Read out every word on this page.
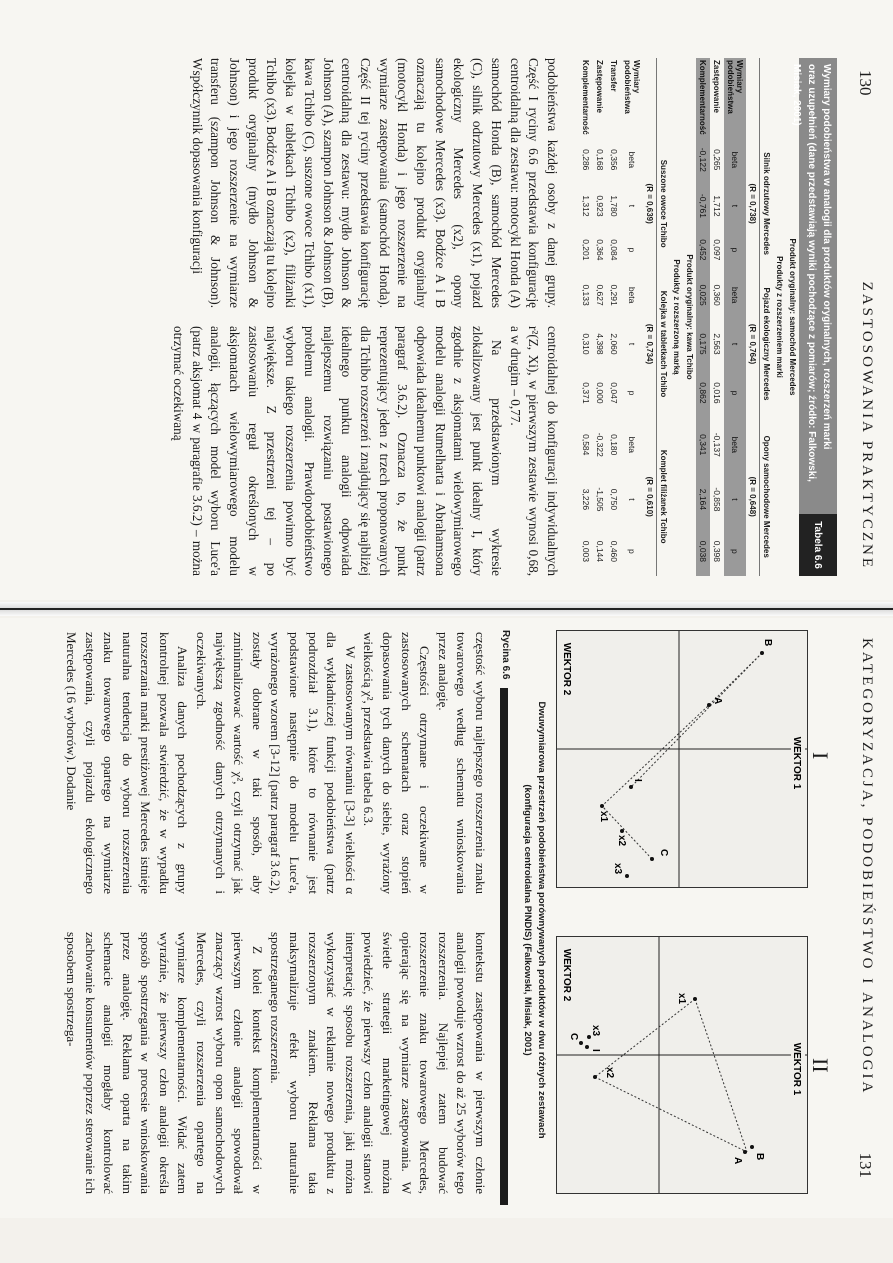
130
ZASTOSOWANIA PRAKTYCZNE
Wymiary podobieństwa w analogii dla produktów oryginalnych, rozszerzeń marki
oraz uzupełnień (dane przedstawiają wyniki pochodzące z pomiarów; źródło: Falkowski, Misiak, 2001)
Tabela 6.6
Produkt oryginalny: samochód Mercedes									
Produkty z rozszerzeniem marki									
	Silnik odrzutowy Mercedes			Pojazd ekologiczny Mercedes			Opony samochodowe Mercedes		
	(R = 0,738)			(R = 0,764)			(R = 0,648)		
Wymiary podobieństwa	beta	t	p	beta	t	p	beta	t	p
Zastępowanie	0,265	1,712	0,097	0,360	2,563	0,016	-0,137	-0,858	0,398
Komplementarność	-0,122	-0,761	0,452	0,025	0,175	0,862	0,341	2,164	0,038
Produkt oryginalny: kawa Tchibo									
Produkty z rozszerzoną marką									
	Suszone owoce Tchibo			Kolejka w tabletkach Tchibo			Komplet filiżanek Tchibo		
	(R = 0,639)			(R = 0,734)			(R = 0,610)		
Wymiary podobieństwa	beta	t	p	beta	t	p	beta	t	p
Transfer	0,356	1,780	0,084	0,291	2,060	0,047	0,180	0,750	0,460
Zastępowanie	0,168	0,923	0,364	0,627	4,398	0,000	-0,322	-1,505	0,144
Komplementarność	0,286	1,312	0,201	0,133	0,310	0,371	0,584	3,226	0,003

podobieństwa każdej osoby z danej grupy. Część I ryciny 6.6 przedstawia konfigurację centroidalną dla zestawu: motocykl Honda (A) samochód Honda (B), samochód Mercedes (C), silnik odrzutowy Mercedes (x1), pojazd ekologiczny Mercedes (x2), opony samochodowe Mercedes (x3). Bodźce A i B oznaczają tu kolejno produkt oryginalny (motocykl Honda) i jego rozszerzenie na wymiarze zastępowania (samochód Honda). Część II tej ryciny przedstawia konfigurację centroidalną dla zestawu: mydło Johnson & Johnson (A), szampon Johnson & Johnson (B), kawa Tchibo (C), suszone owoce Tchibo (x1), kolejka w tabletkach Tchibo (x2), filiżanki Tchibo (x3). Bodźce A i B oznaczają tu kolejno produkt oryginalny (mydło Johnson & Johnson) i jego rozszerzenie na wymiarze transferu (szampon Johnson & Johnson). Współczynnik dopasowania konfiguracji

centroidalnej do konfiguracji indywidualnych r²(Z, Xi), w pierwszym zestawie wynosi 0,68, a w drugim – 0,77.

Na przedstawionym wykresie zlokalizowany jest punkt idealny I, który zgodnie z aksjomatami wielowymiarowego modelu analogii Rumelharta i Abrahamsona odpowiada idealnemu punktowi analogii (patrz paragraf 3.6.2). Oznacza to, że punkt reprezentujący jeden z trzech proponowanych dla Tchibo rozszerzeń i znajdujący się najbliżej idealnego punktu analogii odpowiada najlepszemu rozwiązaniu postawionego problemu analogii. Prawdopodobieństwo wyboru takiego rozszerzenia powinno być największe. Z przestrzeni tej – po zastosowaniu reguł określonych w aksjomatach wielowymiarowego modelu analogii, łączących model wyboru Luce'a (patrz aksjomat 4 w paragrafie 3.6.2) – można otrzymać oczekiwaną

KATEGORYZACJA, PODOBIEŃSTWO I ANALOGIA
131
I
II
WEKTOR 1
WEKTOR 2
B
A
I
x1
x2
C
x3
WEKTOR 1
WEKTOR 2	x1
x2
x3
I
C
B
A
Dwuwymiarowa przestrzeń podobieństwa porównywanych produktów w dwu różnych zestawach
(konfiguracja centroidalna PINDIS) (Falkowski, Misiak, 2001)
Rycina 6.6

częstość wyboru najlepszego rozszerzenia znaku towarowego według schematu wnioskowania przez analogię.

Częstości otrzymane i oczekiwane w zastosowanych schematach oraz stopień dopasowania tych danych do siebie, wyrażony wielkością χ², przedstawia tabela 6.3.

W zastosowanym równaniu [3-3] wielkości α dla wykładniczej funkcji podobieństwa (patrz podrozdział 3.1), które to równanie jest podstawione następnie do modelu Luce'a, wyrażonego wzorem [3-12] (patrz paragraf 3.6.2), zostały dobrane w taki sposób, aby zminimalizować wartość χ², czyli otrzymać jak największą zgodność danych otrzymanych i oczekiwanych.

Analiza danych pochodzących z grupy kontrolnej pozwala stwierdzić, że w wypadku rozszerzania marki prestiżowej Mercedes istnieje naturalna tendencja do wyboru rozszerzenia znaku towarowego opartego na wymiarze zastępowania, czyli pojazdu ekologicznego Mercedes (16 wyborów). Dodanie

kontekstu zastępowania w pierwszym członie analogii powoduje wzrost do aż 25 wyborów tego rozszerzenia. Najlepiej zatem budować rozszerzenie znaku towarowego Mercedes, opierając się na wymiarze zastępowania. W świetle strategii marketingowej można powiedzieć, że pierwszy człon analogii stanowi interpretację sposobu rozszerzenia, jaki można wykorzystać w reklamie nowego produktu z rozszerzonym znakiem. Reklama taka maksymalizuje efekt wyboru naturalnie spostrzeganego rozszerzenia.

Z kolei kontekst komplementarności w pierwszym członie analogii spowodował znaczący wzrost wyboru opon samochodowych Mercedes, czyli rozszerzenia opartego na wymiarze komplementarności. Widać zatem wyraźnie, że pierwszy człon analogii określa sposób spostrzegania w procesie wnioskowania przez analogię. Reklama oparta na takim schemacie analogii mogłaby kontrolować zachowanie konsumentów poprzez sterowanie ich sposobem spostrzega-
